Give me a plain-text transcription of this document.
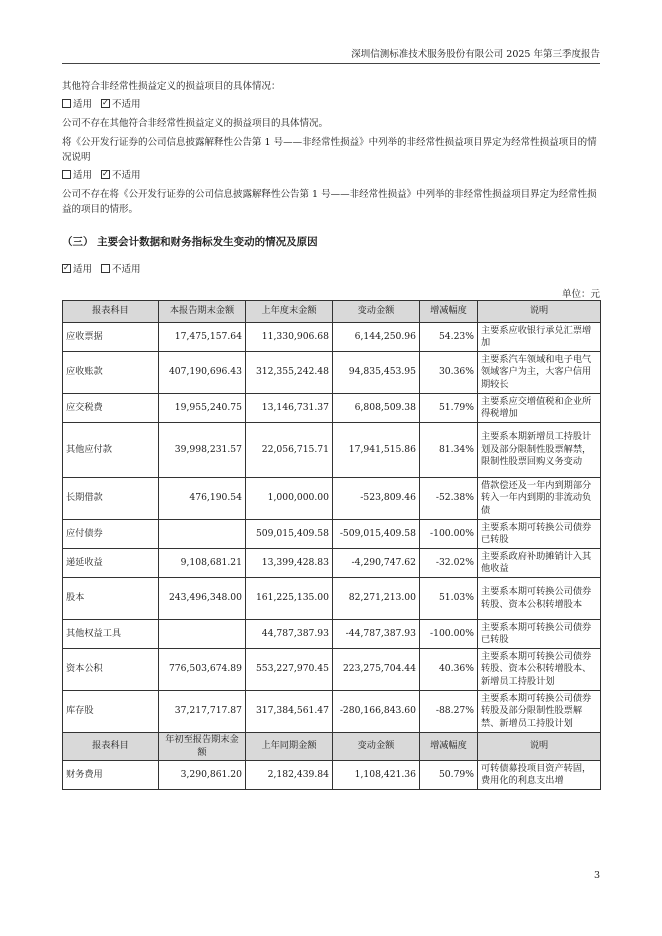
深圳信测标准技术服务股份有限公司 2025 年第三季度报告
其他符合非经常性损益定义的损益项目的具体情况：
适用 ✓ 不适用
公司不存在其他符合非经常性损益定义的损益项目的具体情况。
将《公开发行证券的公司信息披露解释性公告第 1 号——非经常性损益》中列举的非经常性损益项目界定为经常性损益项目的情况说明
适用 ✓ 不适用
公司不存在将《公开发行证券的公司信息披露解释性公告第 1 号——非经常性损益》中列举的非经常性损益项目界定为经常性损益的项目的情形。
（三） 主要会计数据和财务指标发生变动的情况及原因
✓适用 不适用
单位：元
报表科目	本报告期末金额	上年度末金额	变动金额	增减幅度	说明
应收票据	17,475,157.64	11,330,906.68	6,144,250.96	54.23%	主要系应收银行承兑汇票增加
应收账款	407,190,696.43	312,355,242.48	94,835,453.95	30.36%	主要系汽车领域和电子电气领域客户为主，大客户信用期较长
应交税费	19,955,240.75	13,146,731.37	6,808,509.38	51.79%	主要系应交增值税和企业所得税增加
其他应付款	39,998,231.57	22,056,715.71	17,941,515.86	81.34%	主要系本期新增员工持股计划及部分限制性股票解禁，限制性股票回购义务变动
长期借款	476,190.54	1,000,000.00	-523,809.46	-52.38%	借款偿还及一年内到期部分转入一年内到期的非流动负债
应付债券		509,015,409.58	-509,015,409.58	-100.00%	主要系本期可转换公司债券已转股
递延收益	9,108,681.21	13,399,428.83	-4,290,747.62	-32.02%	主要系政府补助摊销计入其他收益
股本	243,496,348.00	161,225,135.00	82,271,213.00	51.03%	主要系本期可转换公司债券转股、资本公积转增股本
其他权益工具		44,787,387.93	-44,787,387.93	-100.00%	主要系本期可转换公司债券已转股
资本公积	776,503,674.89	553,227,970.45	223,275,704.44	40.36%	主要系本期可转换公司债券转股、资本公积转增股本、新增员工持股计划
库存股	37,217,717.87	317,384,561.47	-280,166,843.60	-88.27%	主要系本期可转换公司债券转股及部分限制性股票解禁、新增员工持股计划
报表科目	年初至报告期末金额	上年同期金额	变动金额	增减幅度	说明
财务费用	3,290,861.20	2,182,439.84	1,108,421.36	50.79%	可转债募投项目资产转固，费用化的利息支出增
3
